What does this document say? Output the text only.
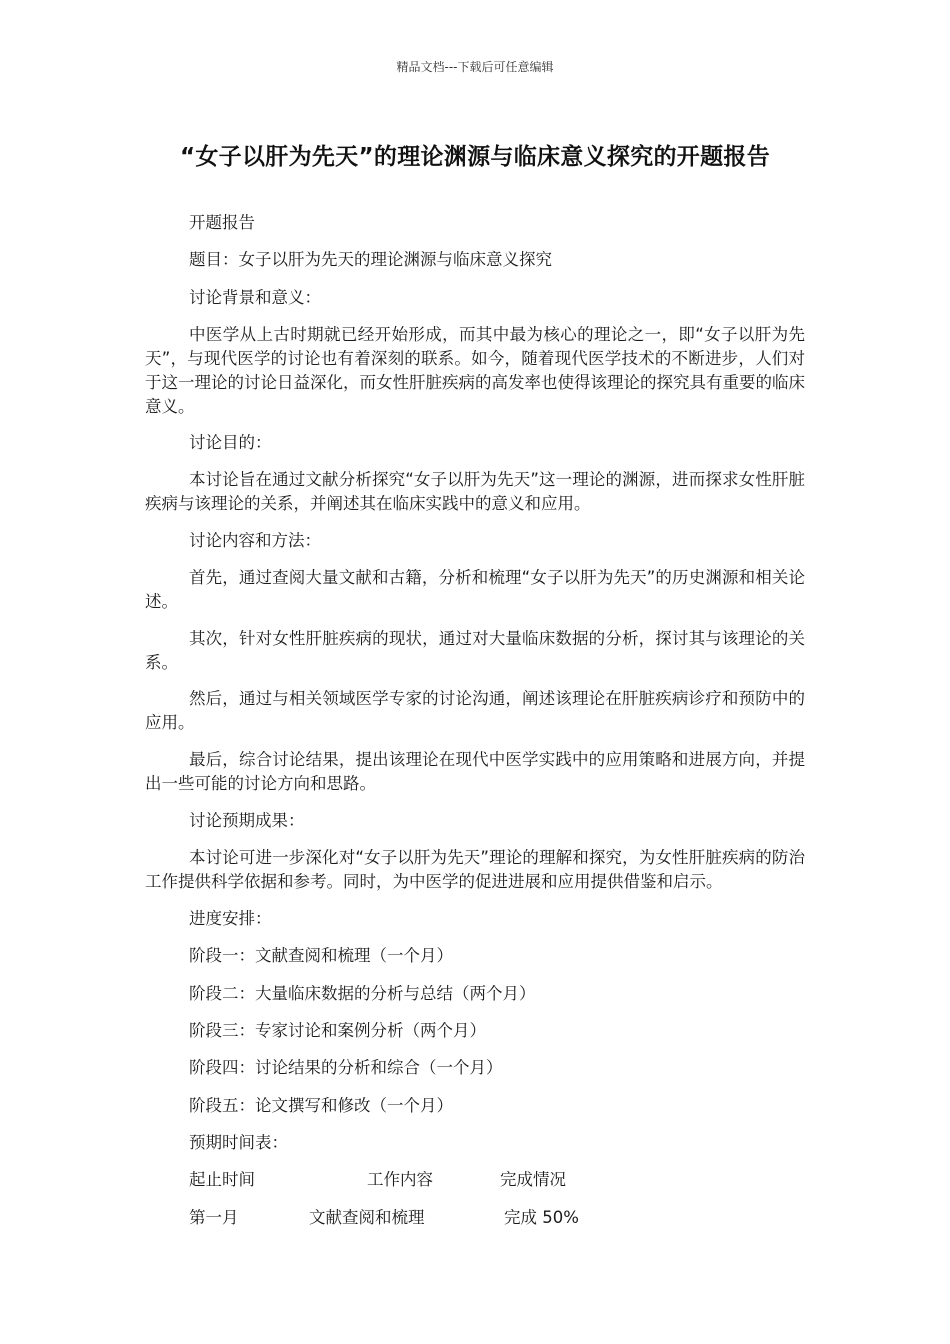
精品文档---下载后可任意编辑
“女子以肝为先天”的理论渊源与临床意义探究的开题报告

开题报告

题目：女子以肝为先天的理论渊源与临床意义探究

讨论背景和意义：

中医学从上古时期就已经开始形成，而其中最为核心的理论之一，即“女子以肝为先天”，与现代医学的讨论也有着深刻的联系。如今，随着现代医学技术的不断进步，人们对于这一理论的讨论日益深化，而女性肝脏疾病的高发率也使得该理论的探究具有重要的临床意义。

讨论目的：

本讨论旨在通过文献分析探究“女子以肝为先天”这一理论的渊源，进而探求女性肝脏疾病与该理论的关系，并阐述其在临床实践中的意义和应用。

讨论内容和方法：

首先，通过查阅大量文献和古籍，分析和梳理“女子以肝为先天”的历史渊源和相关论述。

其次，针对女性肝脏疾病的现状，通过对大量临床数据的分析，探讨其与该理论的关系。

然后，通过与相关领域医学专家的讨论沟通，阐述该理论在肝脏疾病诊疗和预防中的应用。

最后，综合讨论结果，提出该理论在现代中医学实践中的应用策略和进展方向，并提出一些可能的讨论方向和思路。

讨论预期成果：

本讨论可进一步深化对“女子以肝为先天”理论的理解和探究，为女性肝脏疾病的防治工作提供科学依据和参考。同时，为中医学的促进进展和应用提供借鉴和启示。

进度安排：

阶段一：文献查阅和梳理（一个月）

阶段二：大量临床数据的分析与总结（两个月）

阶段三：专家讨论和案例分析（两个月）

阶段四：讨论结果的分析和综合（一个月）

阶段五：论文撰写和修改（一个月）

预期时间表：

起止时间	工作内容	完成情况
第一月	文献查阅和梳理	完成 50%
